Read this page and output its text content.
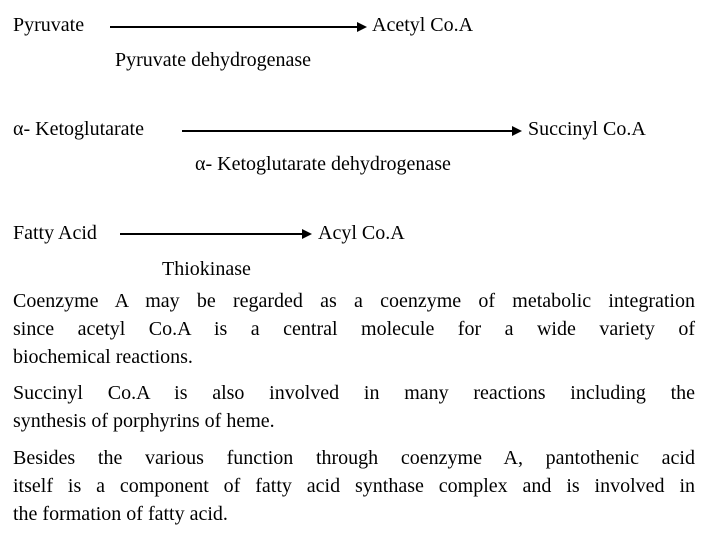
Pyruvate	Acetyl Co.A
Pyruvate dehydrogenase
α- Ketoglutarate	Succinyl Co.A
α- Ketoglutarate dehydrogenase
Fatty Acid	Acyl Co.A
Thiokinase
Coenzyme A may be regarded as a coenzyme of metabolic integration
since acetyl Co.A is a central molecule for a wide variety of
biochemical reactions.
Succinyl Co.A is also involved in many reactions including the
synthesis of porphyrins of heme.
Besides the various function through coenzyme A, pantothenic acid
itself is a component of fatty acid synthase complex and is involved in
the formation of fatty acid.
